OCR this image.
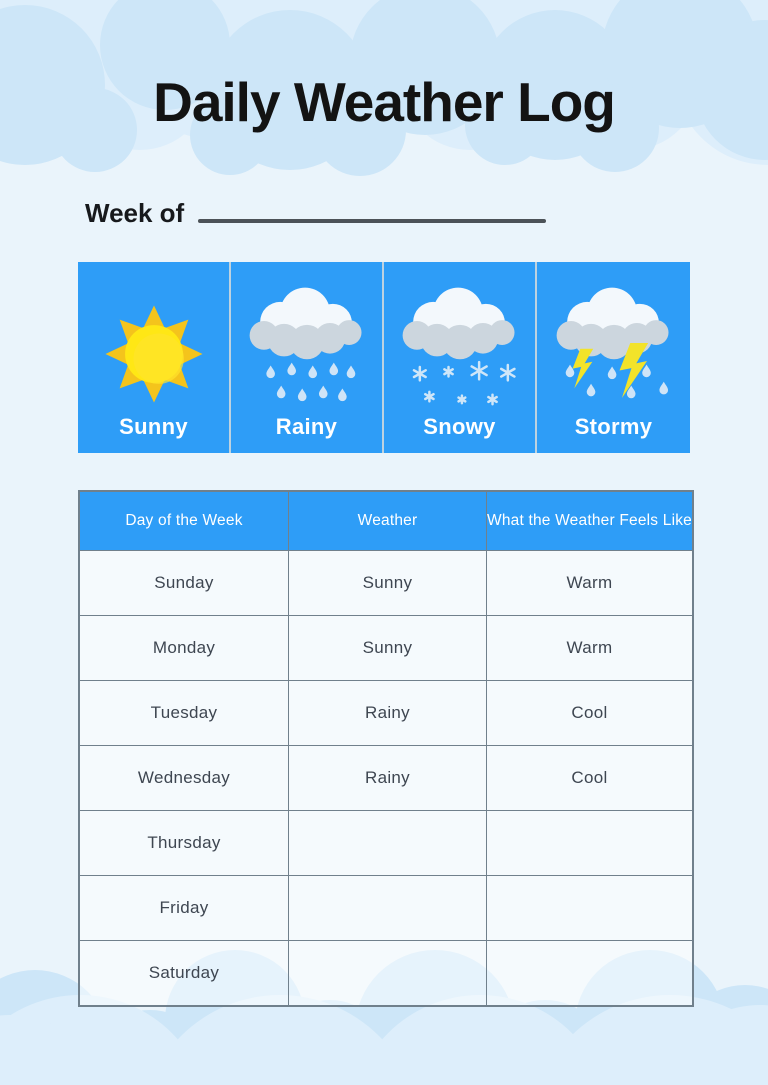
Daily Weather Log
Week of
Sunny	Rainy	Snowy	Stormy
Day of the Week	Weather	What the Weather Feels Like
Sunday	Sunny	Warm
Monday	Sunny	Warm
Tuesday	Rainy	Cool
Wednesday	Rainy	Cool
Thursday
Friday
Saturday
